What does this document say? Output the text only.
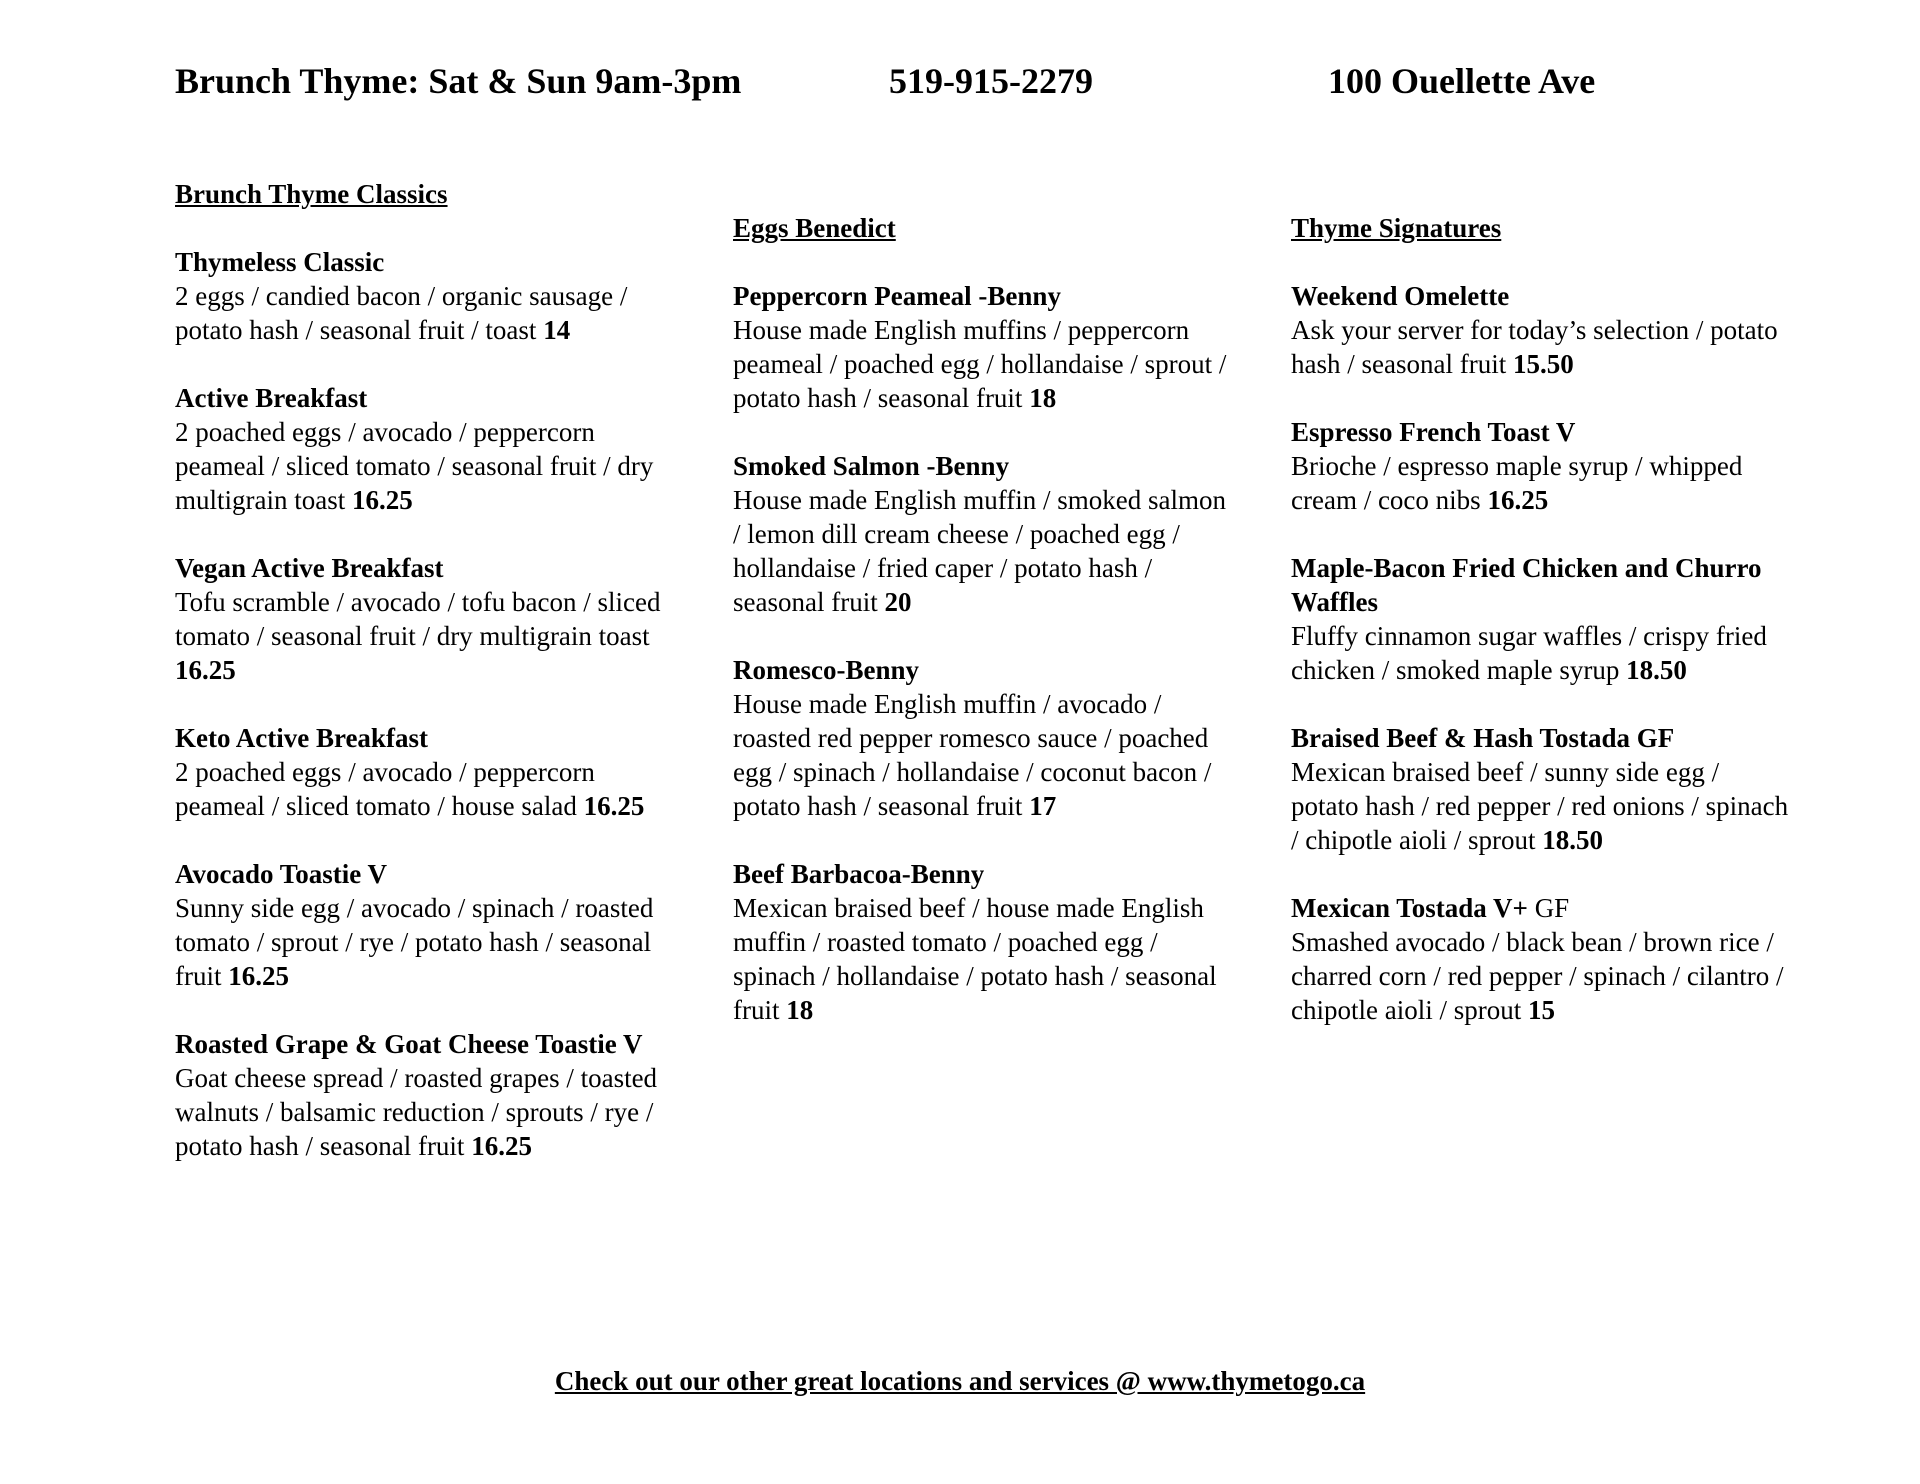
Brunch Thyme: Sat & Sun 9am-3pm	519-915-2279	100 Ouellette Ave
Brunch Thyme Classics
Thymeless Classic
2 eggs / candied bacon / organic sausage / potato hash / seasonal fruit / toast 14
Active Breakfast
2 poached eggs / avocado / peppercorn peameal / sliced tomato / seasonal fruit / dry multigrain toast 16.25
Vegan Active Breakfast
Tofu scramble / avocado / tofu bacon / sliced tomato / seasonal fruit / dry multigrain toast 16.25
Keto Active Breakfast
2 poached eggs / avocado / peppercorn peameal / sliced tomato / house salad 16.25
Avocado Toastie V
Sunny side egg / avocado / spinach / roasted tomato / sprout / rye / potato hash / seasonal fruit 16.25
Roasted Grape & Goat Cheese Toastie V
Goat cheese spread / roasted grapes / toasted walnuts / balsamic reduction / sprouts / rye / potato hash / seasonal fruit 16.25
Eggs Benedict
Peppercorn Peameal -Benny
House made English muffins / peppercorn peameal / poached egg / hollandaise / sprout / potato hash / seasonal fruit 18
Smoked Salmon -Benny
House made English muffin / smoked salmon / lemon dill cream cheese / poached egg / hollandaise / fried caper / potato hash / seasonal fruit 20
Romesco-Benny
House made English muffin / avocado / roasted red pepper romesco sauce / poached egg / spinach / hollandaise / coconut bacon / potato hash / seasonal fruit 17
Beef Barbacoa-Benny
Mexican braised beef / house made English muffin / roasted tomato / poached egg / spinach / hollandaise / potato hash / seasonal fruit 18
Thyme Signatures
Weekend Omelette
Ask your server for today’s selection / potato hash / seasonal fruit 15.50
Espresso French Toast V
Brioche / espresso maple syrup / whipped cream / coco nibs 16.25
Maple-Bacon Fried Chicken and Churro Waffles
Fluffy cinnamon sugar waffles / crispy fried chicken / smoked maple syrup 18.50
Braised Beef & Hash Tostada GF
Mexican braised beef / sunny side egg / potato hash / red pepper / red onions / spinach / chipotle aioli / sprout 18.50
Mexican Tostada V+ GF
Smashed avocado / black bean / brown rice / charred corn / red pepper / spinach / cilantro / chipotle aioli / sprout 15
Check out our other great locations and services @ www.thymetogo.ca
